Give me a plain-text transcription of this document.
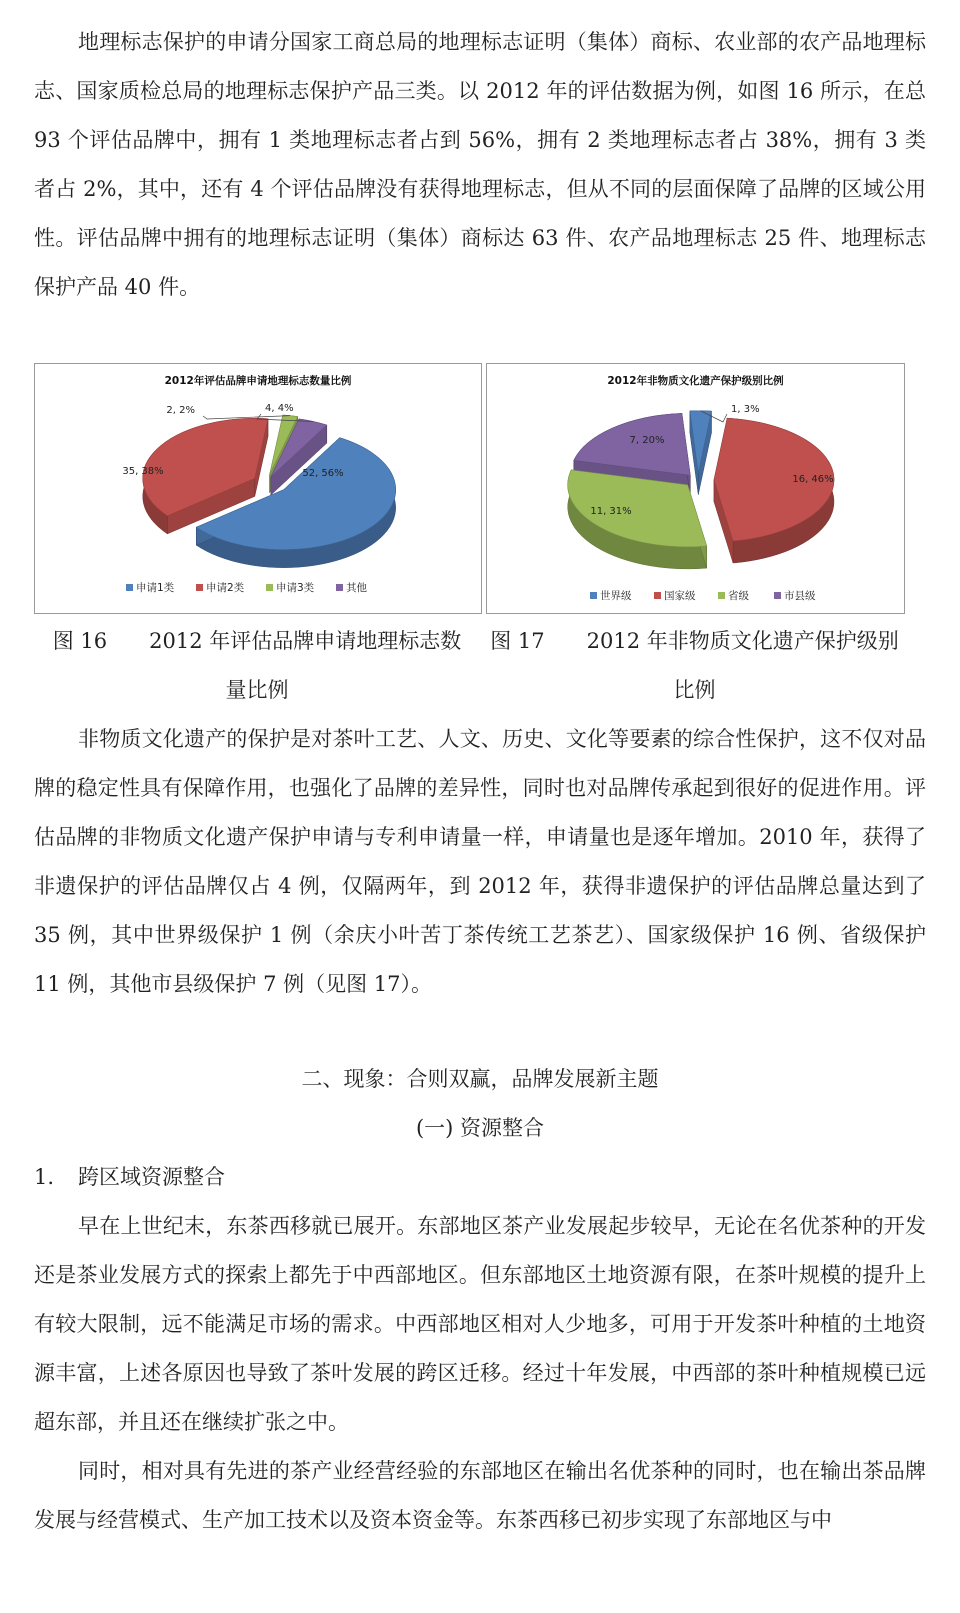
地理标志保护的申请分国家工商总局的地理标志证明（集体）商标、农业部的农产品地理标志、国家质检总局的地理标志保护产品三类。以 2012 年的评估数据为例，如图 16 所示，在总 93 个评估品牌中，拥有 1 类地理标志者占到 56%，拥有 2 类地理标志者占 38%，拥有 3 类者占 2%，其中，还有 4 个评估品牌没有获得地理标志，但从不同的层面保障了品牌的区域公用性。评估品牌中拥有的地理标志证明（集体）商标达 63 件、农产品地理标志 25 件、地理标志保护产品 40 件。

2012年评估品牌申请地理标志数量比例
52, 56%
35, 38%
2, 2%	4, 4%
申请1类	申请2类	申请3类	其他
2012年非物质文化遗产保护级别比例
1, 3%
16, 46%
11, 31%
7, 20%
世界级	国家级	省级	市县级
图 16　　2012 年评估品牌申请地理标志数
量比例
图 17　　2012 年非物质文化遗产保护级别
比例

非物质文化遗产的保护是对茶叶工艺、人文、历史、文化等要素的综合性保护，这不仅对品牌的稳定性具有保障作用，也强化了品牌的差异性，同时也对品牌传承起到很好的促进作用。评估品牌的非物质文化遗产保护申请与专利申请量一样，申请量也是逐年增加。2010 年，获得了非遗保护的评估品牌仅占 4 例，仅隔两年，到 2012 年，获得非遗保护的评估品牌总量达到了 35 例，其中世界级保护 1 例（余庆小叶苦丁茶传统工艺茶艺）、国家级保护 16 例、省级保护 11 例，其他市县级保护 7 例（见图 17）。

二、现象：合则双赢，品牌发展新主题

(一) 资源整合

1. 跨区域资源整合

早在上世纪末，东茶西移就已展开。东部地区茶产业发展起步较早，无论在名优茶种的开发还是茶业发展方式的探索上都先于中西部地区。但东部地区土地资源有限，在茶叶规模的提升上有较大限制，远不能满足市场的需求。中西部地区相对人少地多，可用于开发茶叶种植的土地资源丰富，上述各原因也导致了茶叶发展的跨区迁移。经过十年发展，中西部的茶叶种植规模已远超东部，并且还在继续扩张之中。

同时，相对具有先进的茶产业经营经验的东部地区在输出名优茶种的同时，也在输出茶品牌发展与经营模式、生产加工技术以及资本资金等。东茶西移已初步实现了东部地区与中
